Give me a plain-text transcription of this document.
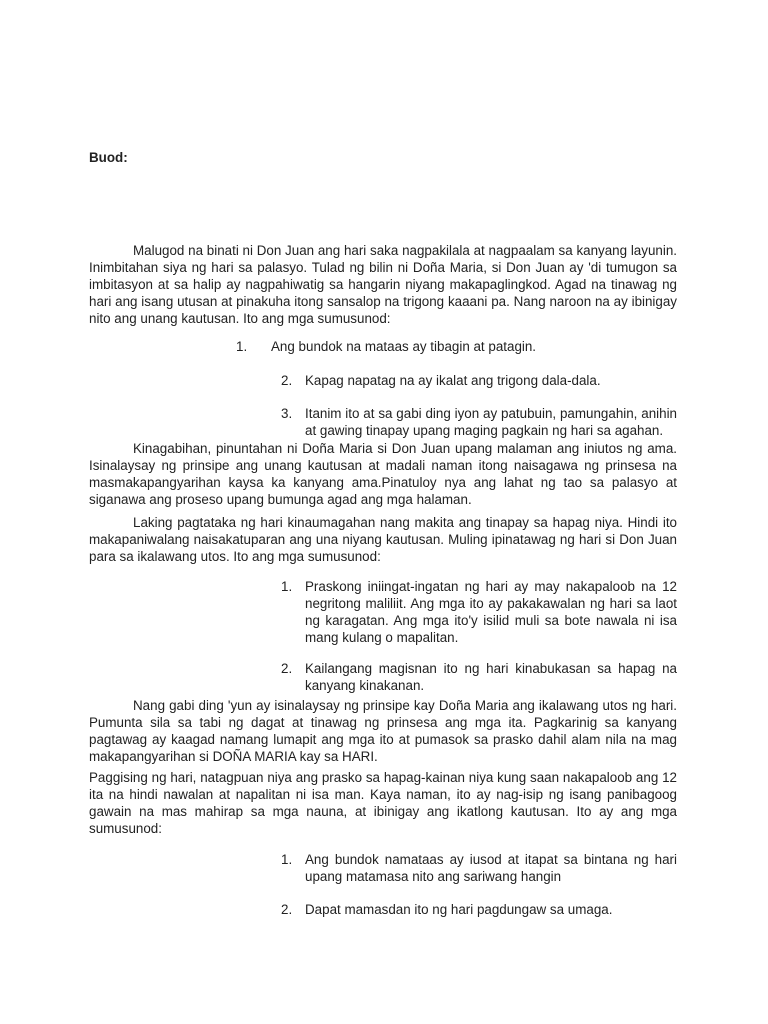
Buod:

Malugod na binati ni Don Juan ang hari saka nagpakilala at nagpaalam sa kanyang layunin. Inimbitahan siya ng hari sa palasyo. Tulad ng bilin ni Doña Maria, si Don Juan ay 'di tumugon sa imbitasyon at sa halip ay nagpahiwatig sa hangarin niyang makapaglingkod. Agad na tinawag ng hari ang isang utusan at pinakuha itong sansalop na trigong kaaani pa. Nang naroon na ay ibinigay nito ang unang kautusan. Ito ang mga sumusunod:

1.	Ang bundok na mataas ay tibagin at patagin.
2. Kapag napatag na ay ikalat ang trigong dala-dala.
3. Itanim ito at sa gabi ding iyon ay patubuin, pamungahin, anihin at gawing tinapay upang maging pagkain ng hari sa agahan.

Kinagabihan, pinuntahan ni Doña Maria si Don Juan upang malaman ang iniutos ng ama. Isinalaysay ng prinsipe ang unang kautusan at madali naman itong naisagawa ng prinsesa na masmakapangyarihan kaysa ka kanyang ama.Pinatuloy nya ang lahat ng tao sa palasyo at siganawa ang proseso upang bumunga agad ang mga halaman.

Laking pagtataka ng hari kinaumagahan nang makita ang tinapay sa hapag niya. Hindi ito makapaniwalang naisakatuparan ang una niyang kautusan. Muling ipinatawag ng hari si Don Juan para sa ikalawang utos. Ito ang mga sumusunod:

1. Praskong iniingat-ingatan ng hari ay may nakapaloob na 12 negritong maliliit. Ang mga ito ay pakakawalan ng hari sa laot ng karagatan. Ang mga ito'y isilid muli sa bote nawala ni isa mang kulang o mapalitan.
2. Kailangang magisnan ito ng hari kinabukasan sa hapag na kanyang kinakanan.

Nang gabi ding 'yun ay isinalaysay ng prinsipe kay Doña Maria ang ikalawang utos ng hari. Pumunta sila sa tabi ng dagat at tinawag ng prinsesa ang mga ita. Pagkarinig sa kanyang pagtawag ay kaagad namang lumapit ang mga ito at pumasok sa prasko dahil alam nila na mag makapangyarihan si DOÑA MARIA kay sa HARI.

Paggising ng hari, natagpuan niya ang prasko sa hapag-kainan niya kung saan nakapaloob ang 12 ita na hindi nawalan at napalitan ni isa man. Kaya naman, ito ay nag-isip ng isang panibagoog gawain na mas mahirap sa mga nauna, at ibinigay ang ikatlong kautusan. Ito ay ang mga sumusunod:

1. Ang bundok namataas ay iusod at itapat sa bintana ng hari upang matamasa nito ang sariwang hangin
2. Dapat mamasdan ito ng hari pagdungaw sa umaga.
